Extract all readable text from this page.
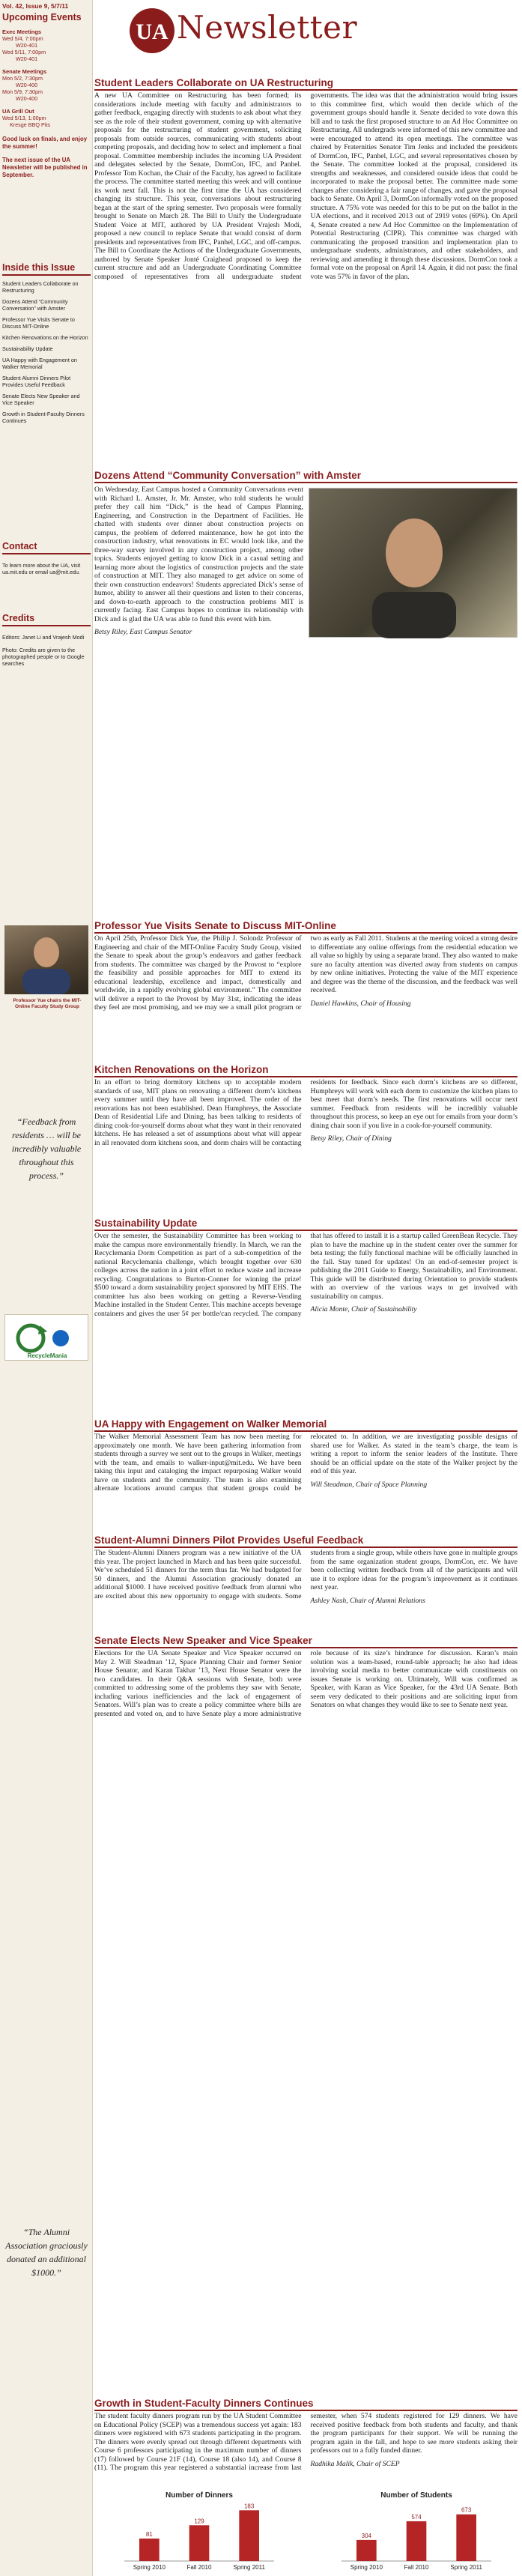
Vol. 42, Issue 9, 5/7/11
Upcoming Events
Exec Meetings
Wed 5/4, 7:00pm
W20-401
Wed 5/11, 7:00pm
W20-401
Senate Meetings
Mon 5/2, 7:30pm
W20-400
Mon 5/9, 7:30pm
W20-400
UA Grill Out
Wed 5/13, 1:00pm
Kresge BBQ Pits
Good luck on finals, and enjoy the summer!
The next issue of the UA Newsletter will be published in September.
Inside this Issue
Student Leaders Collaborate on Restructuring
Dozens Attend “Community Conversation” with Amster
Professor Yue Visits Senate to Discuss MIT-Online
Kitchen Renovations on the Horizon
Sustainability Update
UA Happy with Engagement on Walker Memorial
Student Alumni Dinners Pilot Provides Useful Feedback
Senate Elects New Speaker and Vice Speaker
Growth in Student-Faculty Dinners Continues
Contact
To learn more about the UA, visit ua.mit.edu or email ua@mit.edu.
Credits
Editors: Janet Li and Vrajesh Modi
Photo: Credits are given to the photographed people or to Google searches
Professor Yue chairs the MIT-Online Faculty Study Group
“Feedback from residents … will be incredibly valuable throughout this process.”
RecycleMania
“The Alumni Association graciously donated an additional $1000.”
UA Newsletter
Student Leaders Collaborate on UA Restructuring
A new UA Committee on Restructuring has been formed; its considerations include meeting with faculty and administrators to gather feedback, engaging directly with students to ask about what they see as the role of their student government, coming up with alternative proposals for the restructuring of student government, soliciting proposals from outside sources, communicating with students about competing proposals, and deciding how to select and implement a final proposal. Committee membership includes the incoming UA President and delegates selected by the Senate, DormCon, IFC, and Panhel. Professor Tom Kochan, the Chair of the Faculty, has agreed to facilitate the process. The committee started meeting this week and will continue its work next fall. This is not the first time the UA has considered changing its structure. This year, conversations about restructuring began at the start of the spring semester. Two proposals were formally brought to Senate on March 28. The Bill to Unify the Undergraduate Student Voice at MIT, authored by UA President Vrajesh Modi, proposed a new council to replace Senate that would consist of dorm presidents and representatives from IFC, Panhel, LGC, and off-campus. The Bill to Coordinate the Actions of the Undergraduate Governments, authored by Senate Speaker Jonté Craighead proposed to keep the current structure and add an Undergraduate Coordinating Committee composed of representatives from all undergraduate student governments. The idea was that the administration would bring issues to this committee first, which would then decide which of the government groups should handle it. Senate decided to vote down this bill and to task the first proposed structure to an Ad Hoc Committee on Restructuring. All undergrads were informed of this new committee and were encouraged to attend its open meetings. The committee was chaired by Fraternities Senator Tim Jenks and included the presidents of DormCon, IFC, Panhel, LGC, and several representatives chosen by the Senate. The committee looked at the proposal, considered its strengths and weaknesses, and considered outside ideas that could be incorporated to make the proposal better. The committee made some changes after considering a fair range of changes, and gave the proposal back to Senate. On April 3, DormCon informally voted on the proposed structure. A 75% vote was needed for this to be put on the ballot in the UA elections, and it received 2013 out of 2919 votes (69%). On April 4, Senate created a new Ad Hoc Committee on the Implementation of Potential Restructuring (CIPR). This committee was charged with communicating the proposed transition and implementation plan to undergraduate students, administrators, and other stakeholders, and reviewing and amending it through these discussions. DormCon took a formal vote on the proposal on April 14. Again, it did not pass: the final vote was 57% in favor of the plan.
Dozens Attend “Community Conversation” with Amster
On Wednesday, East Campus hosted a Community Conversations event with Richard L. Amster, Jr. Mr. Amster, who told students he would prefer they call him “Dick,” is the head of Campus Planning, Engineering, and Construction in the Department of Facilities. He chatted with students over dinner about construction projects on campus, the problem of deferred maintenance, how he got into the construction industry, what renovations in EC would look like, and the three-way survey involved in any construction project, among other topics. Students enjoyed getting to know Dick in a casual setting and learning more about the logistics of construction projects and the state of construction at MIT. They also managed to get advice on some of their own construction endeavors! Students appreciated Dick’s sense of humor, ability to answer all their questions and listen to their concerns, and down-to-earth approach to the construction problems MIT is currently facing. East Campus hopes to continue its relationship with Dick and is glad the UA was able to fund this event with him.
Betsy Riley, East Campus Senator
Professor Yue Visits Senate to Discuss MIT-Online
On April 25th, Professor Dick Yue, the Philip J. Solondz Professor of Engineering and chair of the MIT-Online Faculty Study Group, visited the Senate to speak about the group’s endeavors and gather feedback from students. The committee was charged by the Provost to “explore the feasibility and possible approaches for MIT to extend its educational leadership, excellence and impact, domestically and worldwide, in a rapidly evolving global environment.” The committee will deliver a report to the Provost by May 31st, indicating the ideas they feel are most promising, and we may see a small pilot program or two as early as Fall 2011. Students at the meeting voiced a strong desire to differentiate any online offerings from the residential education we all value so highly by using a separate brand. They also wanted to make sure no faculty attention was diverted away from students on campus by new online initiatives. Protecting the value of the MIT experience and degree was the theme of the discussion, and the feedback was well received.
Daniel Hawkins, Chair of Housing
Kitchen Renovations on the Horizon
In an effort to bring dormitory kitchens up to acceptable modern standards of use, MIT plans on renovating a different dorm’s kitchens every summer until they have all been improved. The order of the renovations has not been established. Dean Humphreys, the Associate Dean of Residential Life and Dining, has been talking to residents of dining cook-for-yourself dorms about what they want in their renovated kitchens. He has released a set of assumptions about what will appear in all renovated dorm kitchens soon, and dorm chairs will be contacting residents for feedback. Since each dorm’s kitchens are so different, Humphreys will work with each dorm to customize the kitchen plans to best meet that dorm’s needs. The first renovations will occur next summer. Feedback from residents will be incredibly valuable throughout this process, so keep an eye out for emails from your dorm’s dining chair soon if you live in a cook-for-yourself community.
Betsy Riley, Chair of Dining
Sustainability Update
Over the semester, the Sustainability Committee has been working to make the campus more environmentally friendly. In March, we ran the Recyclemania Dorm Competition as part of a sub-competition of the national Recyclemania challenge, which brought together over 630 colleges across the nation in a joint effort to reduce waste and increase recycling. Congratulations to Burton-Conner for winning the prize! $500 toward a dorm sustainability project sponsored by MIT EHS. The committee has also been working on getting a Reverse-Vending Machine installed in the Student Center. This machine accepts beverage containers and gives the user 5¢ per bottle/can recycled. The company that has offered to install it is a startup called GreenBean Recycle. They plan to have the machine up in the student center over the summer for beta testing; the fully functional machine will be officially launched in the fall. Stay tuned for updates! On an end-of-semester project is publishing the 2011 Guide to Energy, Sustainability, and Environment. This guide will be distributed during Orientation to provide students with an overview of the various ways to get involved with sustainability on campus.
Alicia Monte, Chair of Sustainability
UA Happy with Engagement on Walker Memorial
The Walker Memorial Assessment Team has now been meeting for approximately one month. We have been gathering information from students through a survey we sent out to the groups in Walker, meetings with the team, and emails to walker-input@mit.edu. We have been taking this input and cataloging the impact repurposing Walker would have on students and the community. The team is also examining alternate locations around campus that student groups could be relocated to. In addition, we are investigating possible designs of shared use for Walker. As stated in the team’s charge, the team is writing a report to inform the senior leaders of the Institute. There should be an official update on the state of the Walker project by the end of this year.
Will Steadman, Chair of Space Planning
Student-Alumni Dinners Pilot Provides Useful Feedback
The Student-Alumni Dinners program was a new initiative of the UA this year. The project launched in March and has been quite successful. We’ve scheduled 51 dinners for the term thus far. We had budgeted for 50 dinners, and the Alumni Association graciously donated an additional $1000. I have received positive feedback from alumni who are excited about this new opportunity to engage with students. Some students from a single group, while others have gone in multiple groups from the same organization student groups, DormCon, etc. We have been collecting written feedback from all of the participants and will use it to explore ideas for the program’s improvement as it continues next year.
Ashley Nash, Chair of Alumni Relations
Senate Elects New Speaker and Vice Speaker
Elections for the UA Senate Speaker and Vice Speaker occurred on May 2. Will Steadman ’12, Space Planning Chair and former Senior House Senator, and Karan Takhar ’13, Next House Senator were the two candidates. In their Q&A sessions with Senate, both were committed to addressing some of the problems they saw with Senate, including various inefficiencies and the lack of engagement of Senators. Will’s plan was to create a policy committee where bills are presented and voted on, and to have Senate play a more administrative role because of its size’s hindrance for discussion. Karan’s main solution was a team-based, round-table approach; he also had ideas involving social media to better communicate with constituents on issues Senate is working on. Ultimately, Will was confirmed as Speaker, with Karan as Vice Speaker, for the 43rd UA Senate. Both seem very dedicated to their positions and are soliciting input from Senators on what changes they would like to see to Senate next year.
Growth in Student-Faculty Dinners Continues
The student faculty dinners program run by the UA Student Committee on Educational Policy (SCEP) was a tremendous success yet again: 183 dinners were registered with 673 students participating in the program. The dinners were evenly spread out through different departments with Course 6 professors participating in the maximum number of dinners (17) followed by Course 21F (14), Course 18 (also 14), and Course 8 (11). The program this year registered a substantial increase from last semester, when 574 students registered for 129 dinners. We have received positive feedback from both students and faculty, and thank the program participants for their support. We will be running the program again in the fall, and hope to see more students asking their professors out to a fully funded dinner.
Radhika Malik, Chair of SCEP
Number of Dinners
81
Spring 2010
129
Fall 2010
183
Spring 2011
Number of Students
304
Spring 2010
574
Fall 2010
673
Spring 2011
